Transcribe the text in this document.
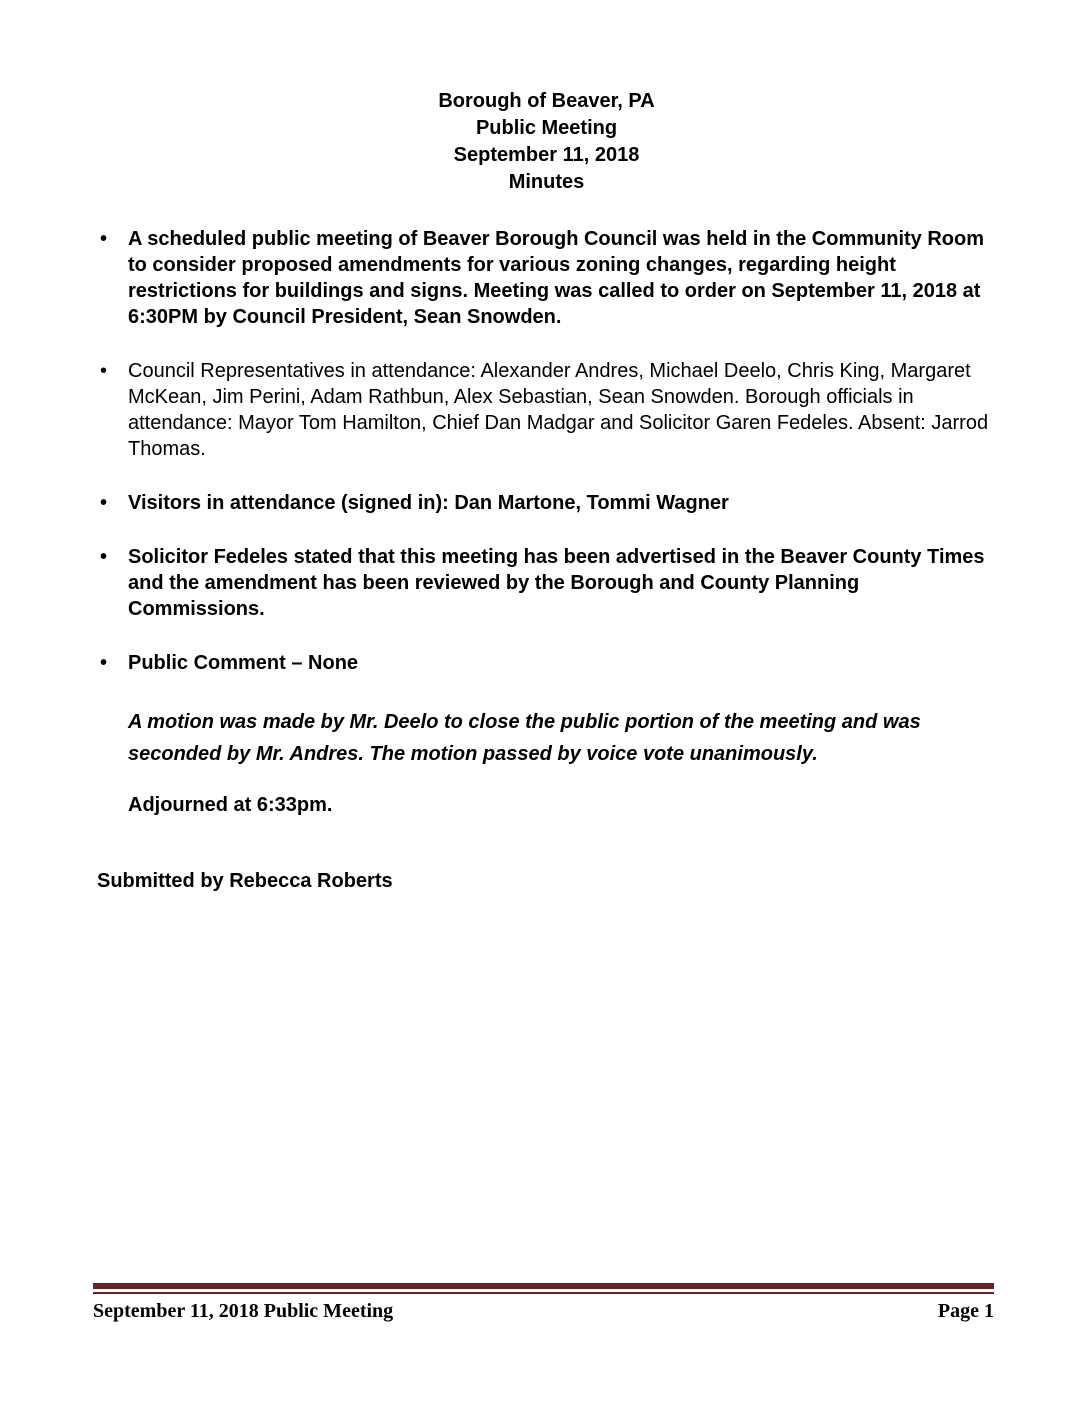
Borough of Beaver, PA
Public Meeting
September 11, 2018
Minutes
• A scheduled public meeting of Beaver Borough Council was held in the Community Room to consider proposed amendments for various zoning changes, regarding height restrictions for buildings and signs. Meeting was called to order on September 11, 2018 at 6:30PM by Council President, Sean Snowden.
• Council Representatives in attendance: Alexander Andres, Michael Deelo, Chris King, Margaret McKean, Jim Perini, Adam Rathbun, Alex Sebastian, Sean Snowden. Borough officials in attendance: Mayor Tom Hamilton, Chief Dan Madgar and Solicitor Garen Fedeles. Absent: Jarrod Thomas.
• Visitors in attendance (signed in): Dan Martone, Tommi Wagner
• Solicitor Fedeles stated that this meeting has been advertised in the Beaver County Times and the amendment has been reviewed by the Borough and County Planning Commissions.
• Public Comment – None

A motion was made by Mr. Deelo to close the public portion of the meeting and was seconded by Mr. Andres. The motion passed by voice vote unanimously.

Adjourned at 6:33pm.

Submitted by Rebecca Roberts

September 11, 2018 Public Meeting	Page 1
